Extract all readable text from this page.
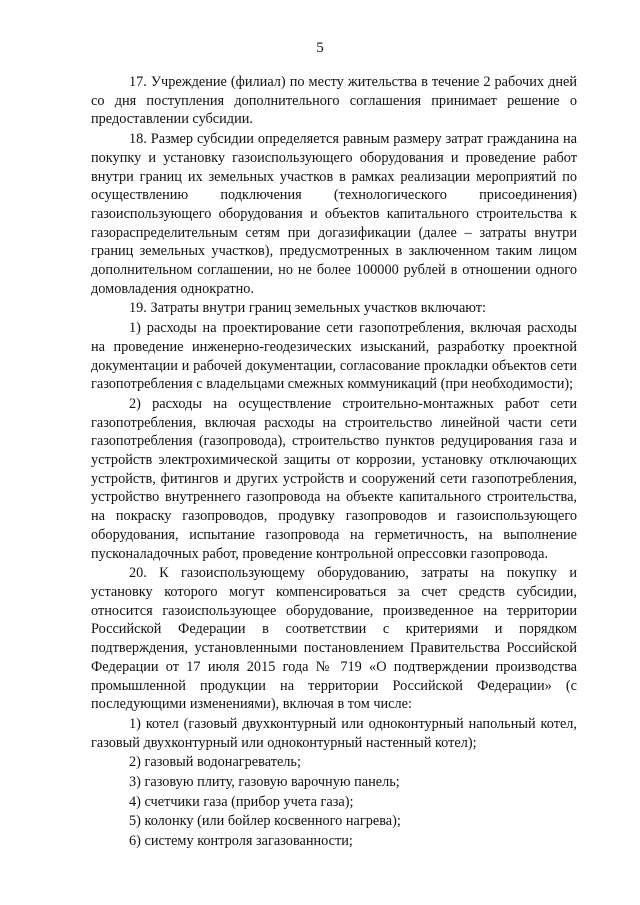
5

17. Учреждение (филиал) по месту жительства в течение 2 рабочих дней со дня поступления дополнительного соглашения принимает решение о предоставлении субсидии.

18. Размер субсидии определяется равным размеру затрат гражданина на покупку и установку газоиспользующего оборудования и проведение работ внутри границ их земельных участков в рамках реализации мероприятий по осуществлению подключения (технологического присоединения) газоиспользующего оборудования и объектов капитального строительства к газораспределительным сетям при догазификации (далее – затраты внутри границ земельных участков), предусмотренных в заключенном таким лицом дополнительном соглашении, но не более 100000 рублей в отношении одного домовладения однократно.

19. Затраты внутри границ земельных участков включают:

1) расходы на проектирование сети газопотребления, включая расходы на проведение инженерно-геодезических изысканий, разработку проектной документации и рабочей документации, согласование прокладки объектов сети газопотребления с владельцами смежных коммуникаций (при необходимости);

2) расходы на осуществление строительно-монтажных работ сети газопотребления, включая расходы на строительство линейной части сети газопотребления (газопровода), строительство пунктов редуцирования газа и устройств электрохимической защиты от коррозии, установку отключающих устройств, фитингов и других устройств и сооружений сети газопотребления, устройство внутреннего газопровода на объекте капитального строительства, на покраску газопроводов, продувку газопроводов и газоиспользующего оборудования, испытание газопровода на герметичность, на выполнение пусконаладочных работ, проведение контрольной опрессовки газопровода.

20. К газоиспользующему оборудованию, затраты на покупку и установку которого могут компенсироваться за счет средств субсидии, относится газоиспользующее оборудование, произведенное на территории Российской Федерации в соответствии с критериями и порядком подтверждения, установленными постановлением Правительства Российской Федерации от 17 июля 2015 года № 719 «О подтверждении производства промышленной продукции на территории Российской Федерации» (с последующими изменениями), включая в том числе:

1) котел (газовый двухконтурный или одноконтурный напольный котел, газовый двухконтурный или одноконтурный настенный котел);

2) газовый водонагреватель;

3) газовую плиту, газовую варочную панель;

4) счетчики газа (прибор учета газа);

5) колонку (или бойлер косвенного нагрева);

6) систему контроля загазованности;
